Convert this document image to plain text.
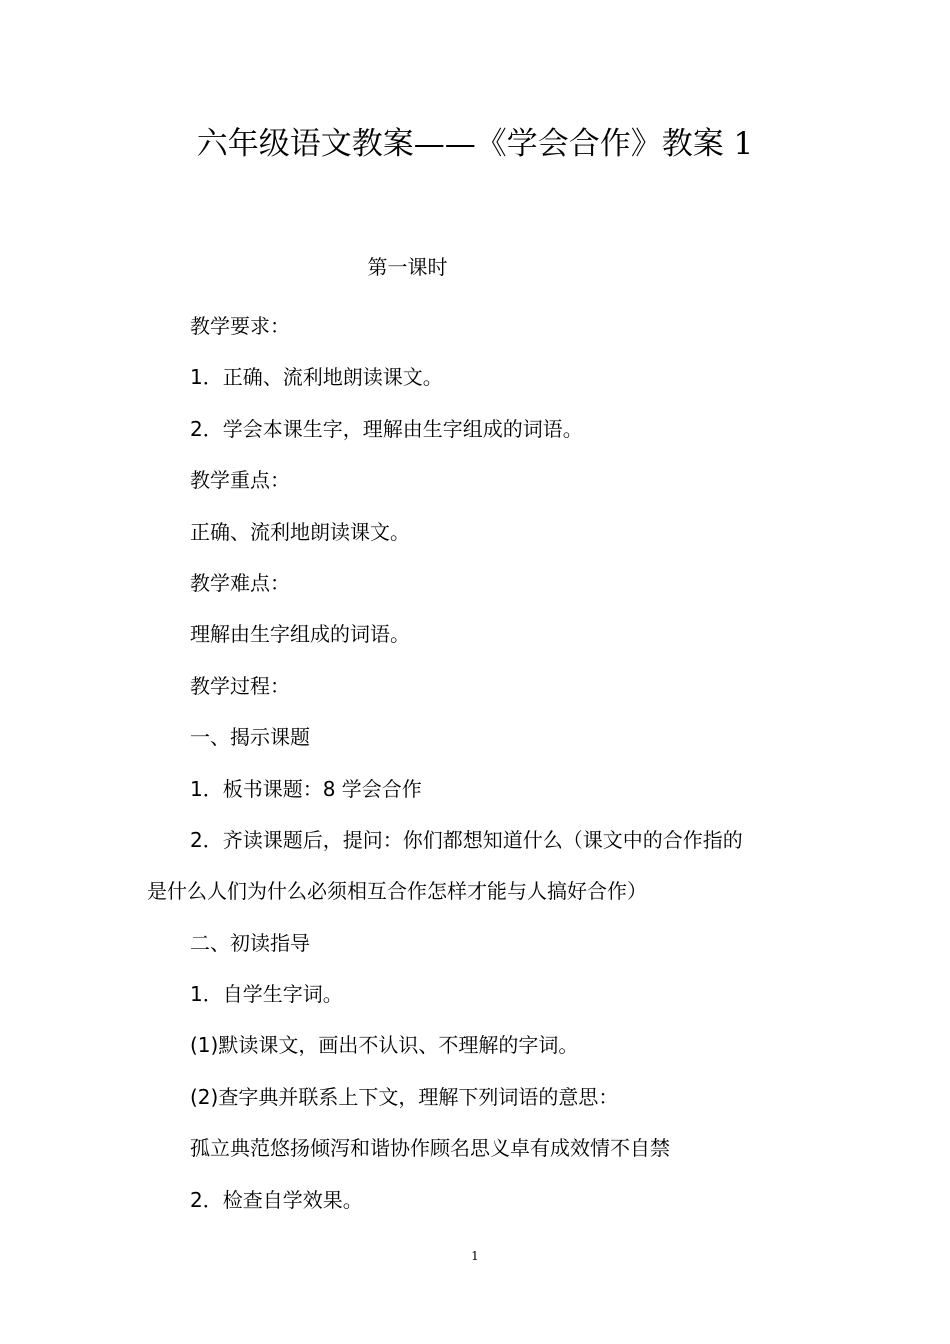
六年级语文教案——《学会合作》教案 1
第一课时

教学要求：

1．正确、流利地朗读课文。

2．学会本课生字，理解由生字组成的词语。

教学重点：

正确、流利地朗读课文。

教学难点：

理解由生字组成的词语。

教学过程：

一、揭示课题

1．板书课题：8 学会合作

2．齐读课题后，提问：你们都想知道什么（课文中的合作指的

是什么人们为什么必须相互合作怎样才能与人搞好合作）

二、初读指导

1．自学生字词。

(1)默读课文，画出不认识、不理解的字词。

(2)查字典并联系上下文，理解下列词语的意思：

孤立典范悠扬倾泻和谐协作顾名思义卓有成效情不自禁

2．检查自学效果。

1
